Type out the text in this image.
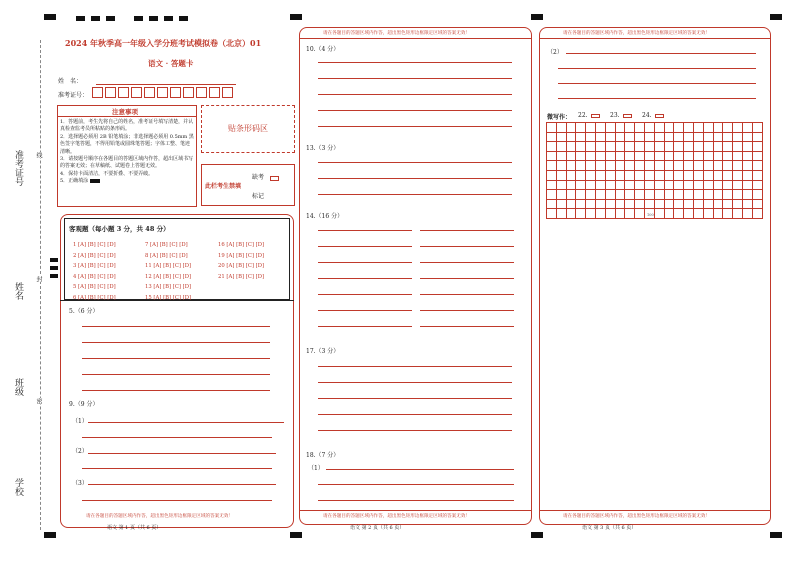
准考证号
姓名
班级
学校
线
封
密
2024 年秋季高一年级入学分班考试模拟卷（北京）01
语文 · 答题卡
姓　名：
准考证号：
注意事项
1．答题前，考生先将自己的姓名，准考证号填写清楚，并认真检查监考员所粘贴的条形码。
2．选择题必须用 2B 铅笔填涂；非选择题必须用 0.5mm 黑色签字笔答题，不得用铅笔或圆珠笔答题；字体工整、笔迹清晰。
3．请按题号顺序在各题目的答题区域内作答，超出区域书写的答案无效；在草稿纸、试题卷上答题无效。
4．保持卡面清洁，不要折叠、不要弄破。
5．正确填涂
贴条形码区
此栏考生禁填
缺考
标记
客观题（每小题 3 分，共 48 分）
1 [A] [B] [C] [D]
2 [A] [B] [C] [D]
3 [A] [B] [C] [D]
4 [A] [B] [C] [D]
5 [A] [B] [C] [D]
6 [A] [B] [C] [D]
7 [A] [B] [C] [D]
8 [A] [B] [C] [D]
11 [A] [B] [C] [D]
12 [A] [B] [C] [D]
13 [A] [B] [C] [D]
15 [A] [B] [C] [D]
16 [A] [B] [C] [D]
19 [A] [B] [C] [D]
20 [A] [B] [C] [D]
21 [A] [B] [C] [D]
5.（6 分）
9.（9 分）
（1）
（2）
（3）
请在各题目的答题区域内作答，超出黑色矩形边框限定区域的答案无效！
语文 第 1 页（共 6 页）
请在各题目的答题区域内作答，超出黑色矩形边框限定区域的答案无效！
10.（4 分）
13.（3 分）
14.（16 分）
17.（3 分）
18.（7 分）
（1）
请在各题目的答题区域内作答，超出黑色矩形边框限定区域的答案无效！
语文 第 2 页（共 6 页）
请在各题目的答题区域内作答，超出黑色矩形边框限定区域的答案无效！
（2）
微写作： 22.	23.	24.
100
请在各题目的答题区域内作答，超出黑色矩形边框限定区域的答案无效！
语文 第 3 页（共 6 页）
